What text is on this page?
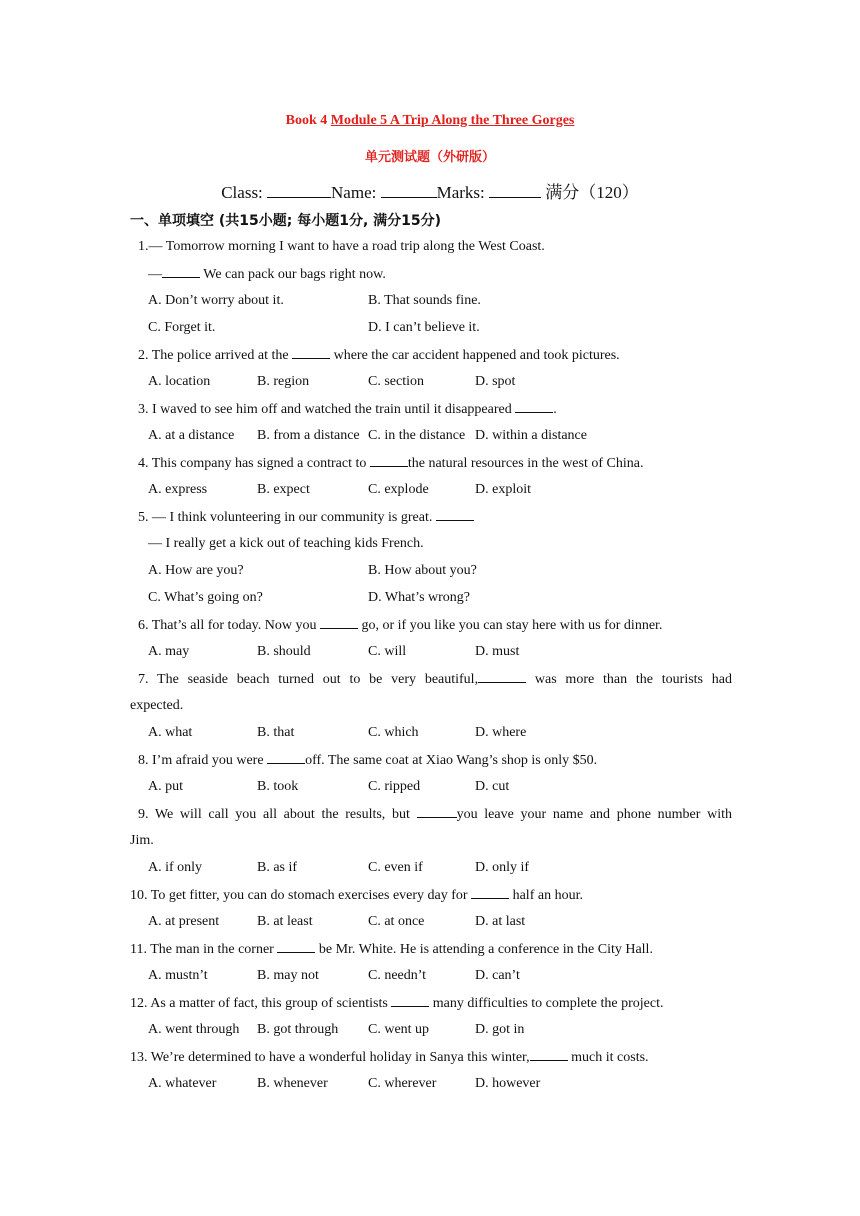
Book 4 Module 5 A Trip Along the Three Gorges
单元测试题（外研版）
Class:	Name:	Marks:	满分（120）
一、单项填空 (共15小题; 每小题1分, 满分15分)
1.— Tomorrow morning I want to have a road trip along the West Coast.
—	We can pack our bags right now.
A. Don’t worry about it.	B. That sounds fine.
C. Forget it.	D. I can’t believe it.
2. The police arrived at the	where the car accident happened and took pictures.
A. location	B. region	C. section	D. spot
3. I waved to see him off and watched the train until it disappeared	.
A. at a distance B. from a distance C. in the distance D. within a distance
4. This company has signed a contract to	the natural resources in the west of China.
A. express	B. expect	C. explode	D. exploit
5. — I think volunteering in our community is great.
— I really get a kick out of teaching kids French.
A. How are you?	B. How about you?
C. What’s going on?	D. What’s wrong?
6. That’s all for today. Now you	go, or if you like you can stay here with us for dinner.
A. may	B. should	C. will	D. must
7. The seaside beach turned out to be very beautiful,	was more than the tourists had
expected.
A. what	B. that	C. which	D. where
8. I’m afraid you were	off. The same coat at Xiao Wang’s shop is only $50.
A. put	B. took	C. ripped	D. cut
9. We will call you all about the results, but	you leave your name and phone number with
Jim.
A. if only	B. as if	C. even if	D. only if
10. To get fitter, you can do stomach exercises every day for	half an hour.
A. at present	B. at least	C. at once	D. at last
11. The man in the corner	be Mr. White. He is attending a conference in the City Hall.
A. mustn’t	B. may not	C. needn’t	D. can’t
12. As a matter of fact, this group of scientists	many difficulties to complete the project.
A. went through B. got through C. went up	D. got in
13. We’re determined to have a wonderful holiday in Sanya this winter,	much it costs.
A. whatever	B. whenever	C. wherever	D. however
